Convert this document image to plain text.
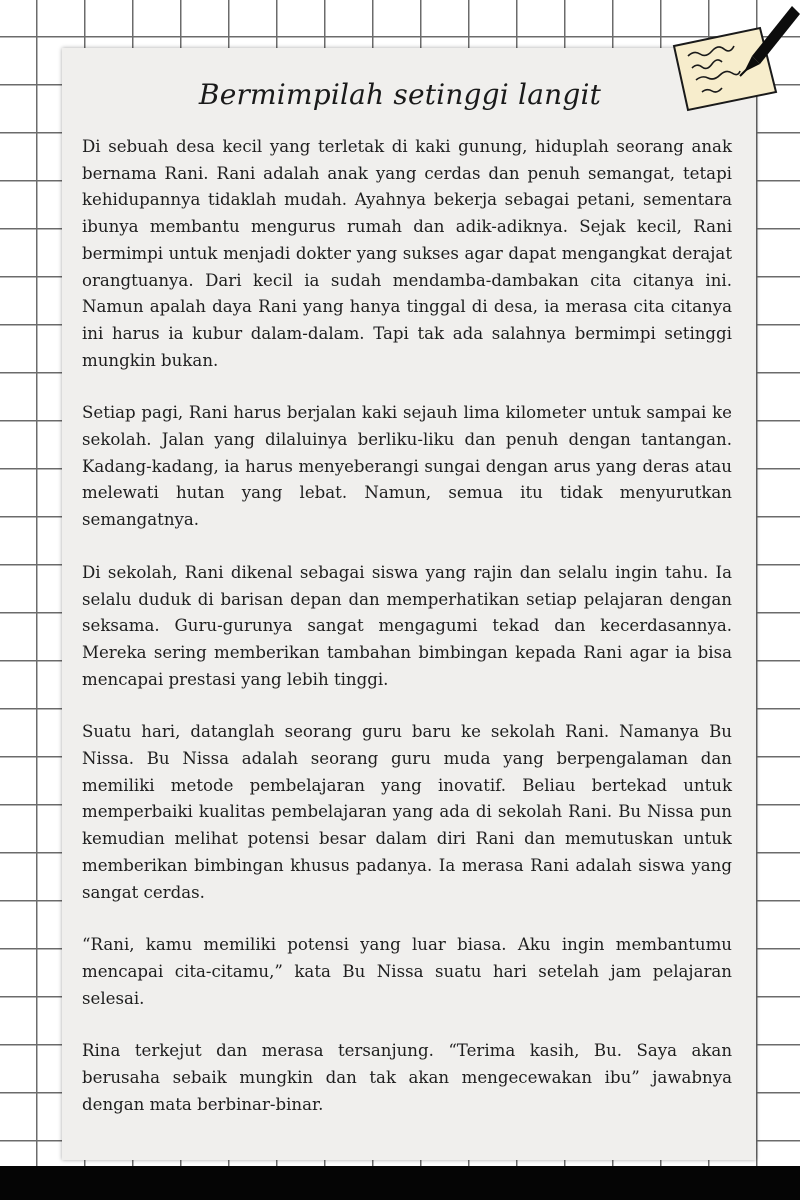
Bermimpilah setinggi langit

Di sebuah desa kecil yang terletak di kaki gunung, hiduplah seorang anak bernama Rani. Rani adalah anak yang cerdas dan penuh semangat, tetapi kehidupannya tidaklah mudah. Ayahnya bekerja sebagai petani, sementara ibunya membantu mengurus rumah dan adik-adiknya. Sejak kecil, Rani bermimpi untuk menjadi dokter yang sukses agar dapat mengangkat derajat orangtuanya. Dari kecil ia sudah mendamba-dambakan cita citanya ini. Namun apalah daya Rani yang hanya tinggal di desa, ia merasa cita citanya ini harus ia kubur dalam-dalam. Tapi tak ada salahnya bermimpi setinggi mungkin bukan.

Setiap pagi, Rani harus berjalan kaki sejauh lima kilometer untuk sampai ke sekolah. Jalan yang dilaluinya berliku-liku dan penuh dengan tantangan. Kadang-kadang, ia harus menyeberangi sungai dengan arus yang deras atau melewati hutan yang lebat. Namun, semua itu tidak menyurutkan semangatnya.

Di sekolah, Rani dikenal sebagai siswa yang rajin dan selalu ingin tahu. Ia selalu duduk di barisan depan dan memperhatikan setiap pelajaran dengan seksama. Guru-gurunya sangat mengagumi tekad dan kecerdasannya. Mereka sering memberikan tambahan bimbingan kepada Rani agar ia bisa mencapai prestasi yang lebih tinggi.

Suatu hari, datanglah seorang guru baru ke sekolah Rani. Namanya Bu Nissa. Bu Nissa adalah seorang guru muda yang berpengalaman dan memiliki metode pembelajaran yang inovatif. Beliau bertekad untuk memperbaiki kualitas pembelajaran yang ada di sekolah Rani. Bu Nissa pun kemudian melihat potensi besar dalam diri Rani dan memutuskan untuk memberikan bimbingan khusus padanya. Ia merasa Rani adalah siswa yang sangat cerdas.

“Rani, kamu memiliki potensi yang luar biasa. Aku ingin membantumu mencapai cita-citamu,” kata Bu Nissa suatu hari setelah jam pelajaran selesai.

Rina terkejut dan merasa tersanjung. “Terima kasih, Bu. Saya akan berusaha sebaik mungkin dan tak akan mengecewakan ibu” jawabnya dengan mata berbinar-binar.
